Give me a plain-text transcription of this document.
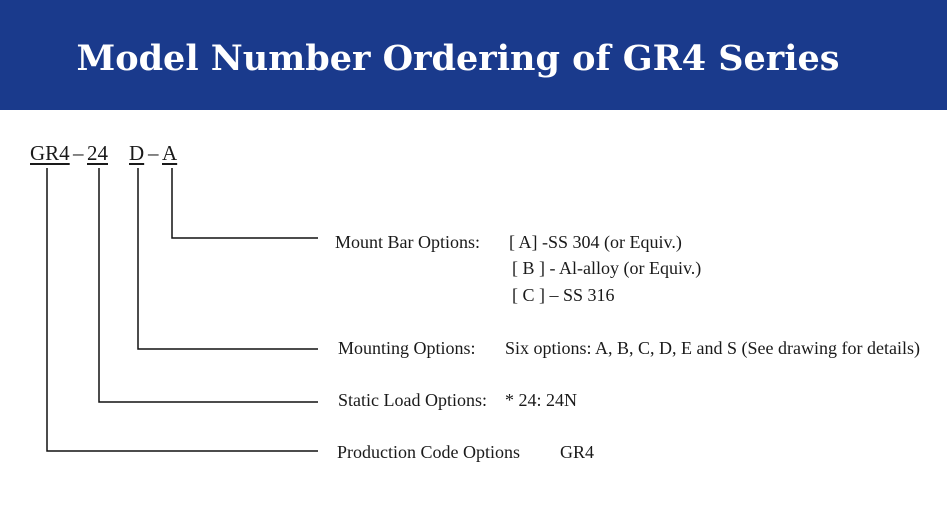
Model Number Ordering of GR4 Series
GR4 – 24 D – A
Mount Bar Options: [ A] -SS 304 (or Equiv.)
[ B ] - Al-alloy (or Equiv.)
[ C ] – SS 316
Mounting Options: Six options: A, B, C, D, E and S (See drawing for details)
Static Load Options: * 24: 24N
Production Code Options GR4
